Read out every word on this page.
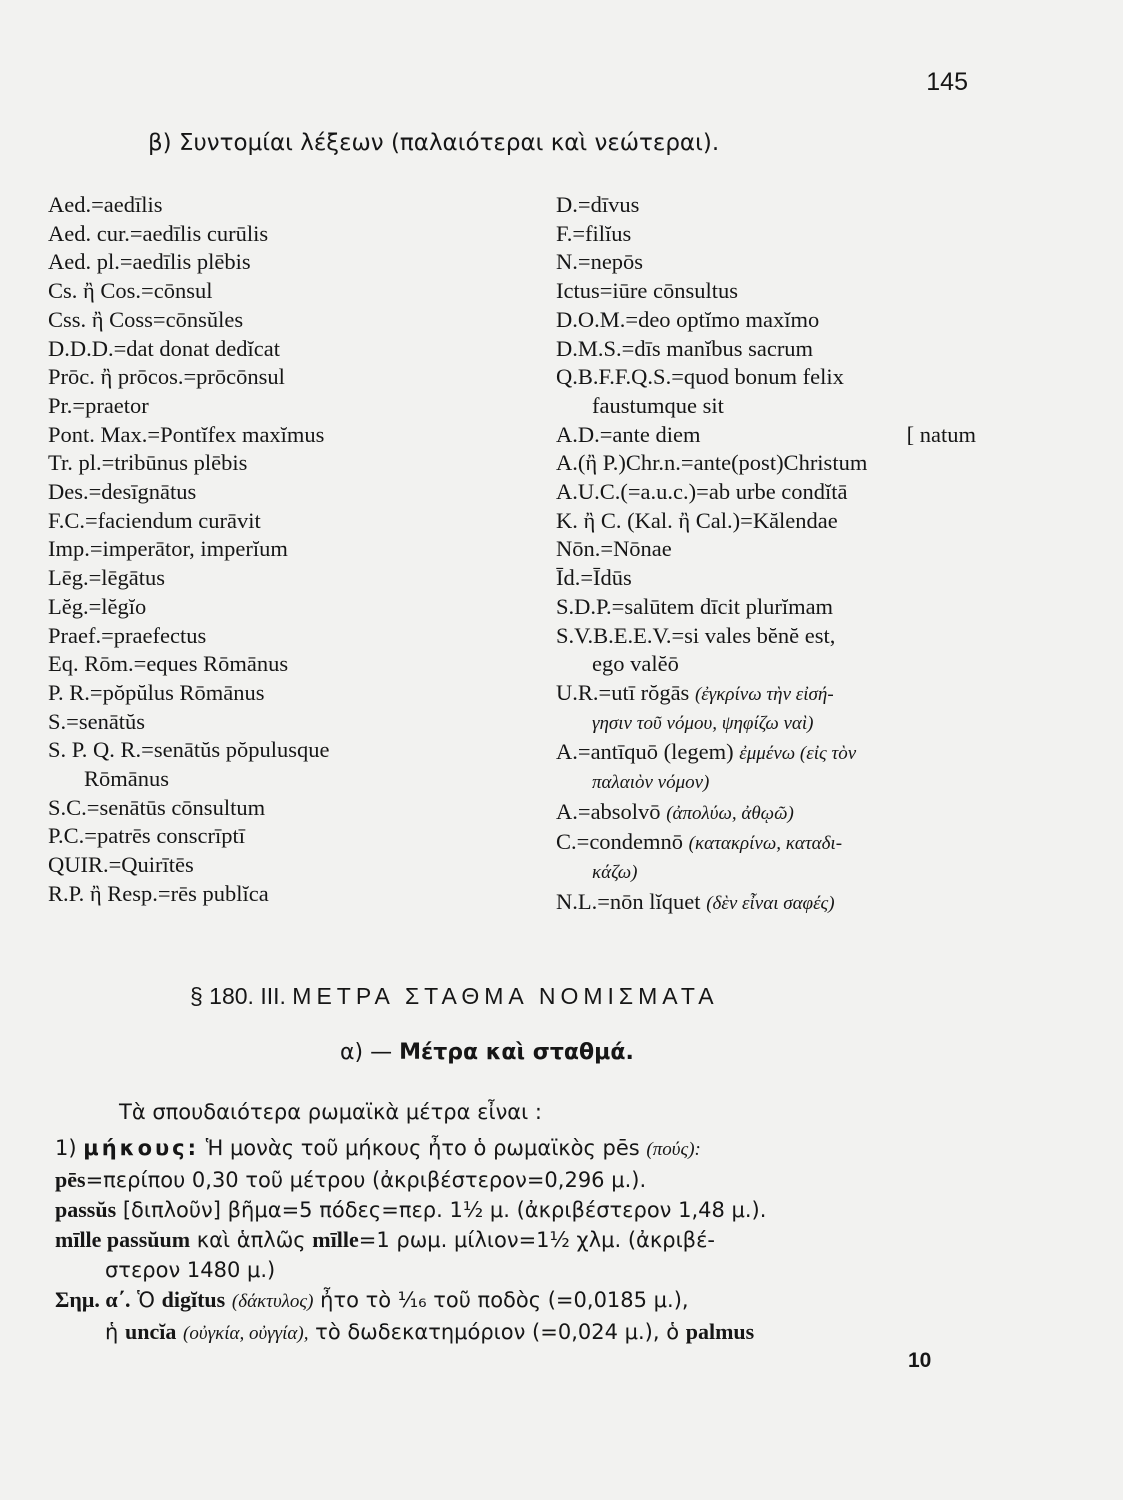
145
β) Συντομίαι λέξεων (παλαιότεραι καὶ νεώτεραι).
Aed.=aedīlis
Aed. cur.=aedīlis curūlis
Aed. pl.=aedīlis plēbis
Cs. ἢ Cos.=cōnsul
Css. ἢ Coss=cōnsŭles
D.D.D.=dat donat dedĭcat
Prōc. ἢ prōcos.=prōcōnsul
Pr.=praetor
Pont. Max.=Pontĭfex maxĭmus
Tr. pl.=tribūnus plēbis
Des.=desīgnātus
F.C.=faciendum curāvit
Imp.=imperātor, imperĭum
Lēg.=lēgātus
Lĕg.=lĕgĭo
Praef.=praefectus
Eq. Rōm.=eques Rōmānus
P. R.=pŏpŭlus Rōmānus
S.=senātŭs
S. P. Q. R.=senātŭs pŏpulusque
Rōmānus
S.C.=senātūs cōnsultum
P.C.=patrēs conscrīptī
QUIR.=Quirītēs
R.P. ἢ Resp.=rēs publĭca
D.=dīvus
F.=filĭus
N.=nepōs
Ictus=iūre cōnsultus
D.O.M.=deo optĭmo maxĭmo
D.M.S.=dīs manĭbus sacrum
Q.B.F.F.Q.S.=quod bonum felix
faustumque sit
A.D.=ante diem	[ natum
A.(ἢ P.)Chr.n.=ante(post)Christum
A.U.C.(=a.u.c.)=ab urbe condĭtā
K. ἢ C. (Kal. ἢ Cal.)=Kălendae
Nōn.=Nōnae
Īd.=Īdūs
S.D.P.=salūtem dīcit plurĭmam
S.V.B.E.E.V.=si vales bĕnĕ est,
ego valĕō
U.R.=utī rŏgās (ἐγκρίνω τὴν εἰσή-
γησιν τοῦ νόμου, ψηφίζω ναὶ)
A.=antīquō (legem) ἐμμένω (εἰς τὸν
παλαιὸν νόμον)
A.=absolvō (ἀπολύω, ἀθῳῶ)
C.=condemnō (κατακρίνω, καταδι-
κάζω)
N.L.=nōn lĭquet (δὲν εἶναι σαφές)
§ 180. III. ΜΕΤΡΑ ΣΤΑΘΜΑ ΝΟΜΙΣΜΑΤΑ
α) — Μέτρα καὶ σταθμά.
Τὰ σπουδαιότερα ρωμαϊκὰ μέτρα εἶναι :
1) μήκους: Ἡ μονὰς τοῦ μήκους ἦτο ὁ ρωμαϊκὸς pēs (πούς):
pēs=περίπου 0,30 τοῦ μέτρου (ἀκριβέστερον=0,296 μ.).
passŭs [διπλοῦν] βῆμα=5 πόδες=περ. 1½ μ. (ἀκριβέστερον 1,48 μ.).
mīlle passŭum καὶ ἁπλῶς mīlle=1 ρωμ. μίλιον=1½ χλμ. (ἀκριβέ-
στερον 1480 μ.)
Σημ. α΄. Ὁ digĭtus (δάκτυλος) ἦτο τὸ ¹⁄₁₆ τοῦ ποδὸς (=0,0185 μ.),
ἡ uncĭa (οὐγκία, οὐγγία), τὸ δωδεκατημόριον (=0,024 μ.), ὁ palmus
10
